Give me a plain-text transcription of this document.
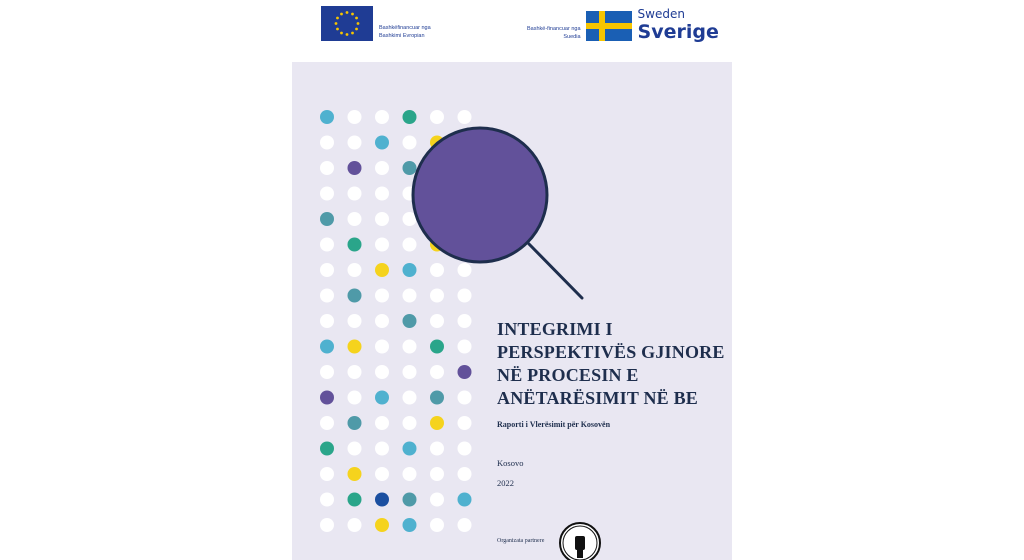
Bashkëfinancuar nga
Bashkimi Evropian
Bashkë-financuar nga
Suedia
Sweden
Sverige
INTEGRIMI I
PERSPEKTIVËS GJINORE
NË PROCESIN E
ANËTARËSIMIT NË BE
Raporti i Vlerësimit për Kosovën
Kosovo
2022
Organizata partnere
